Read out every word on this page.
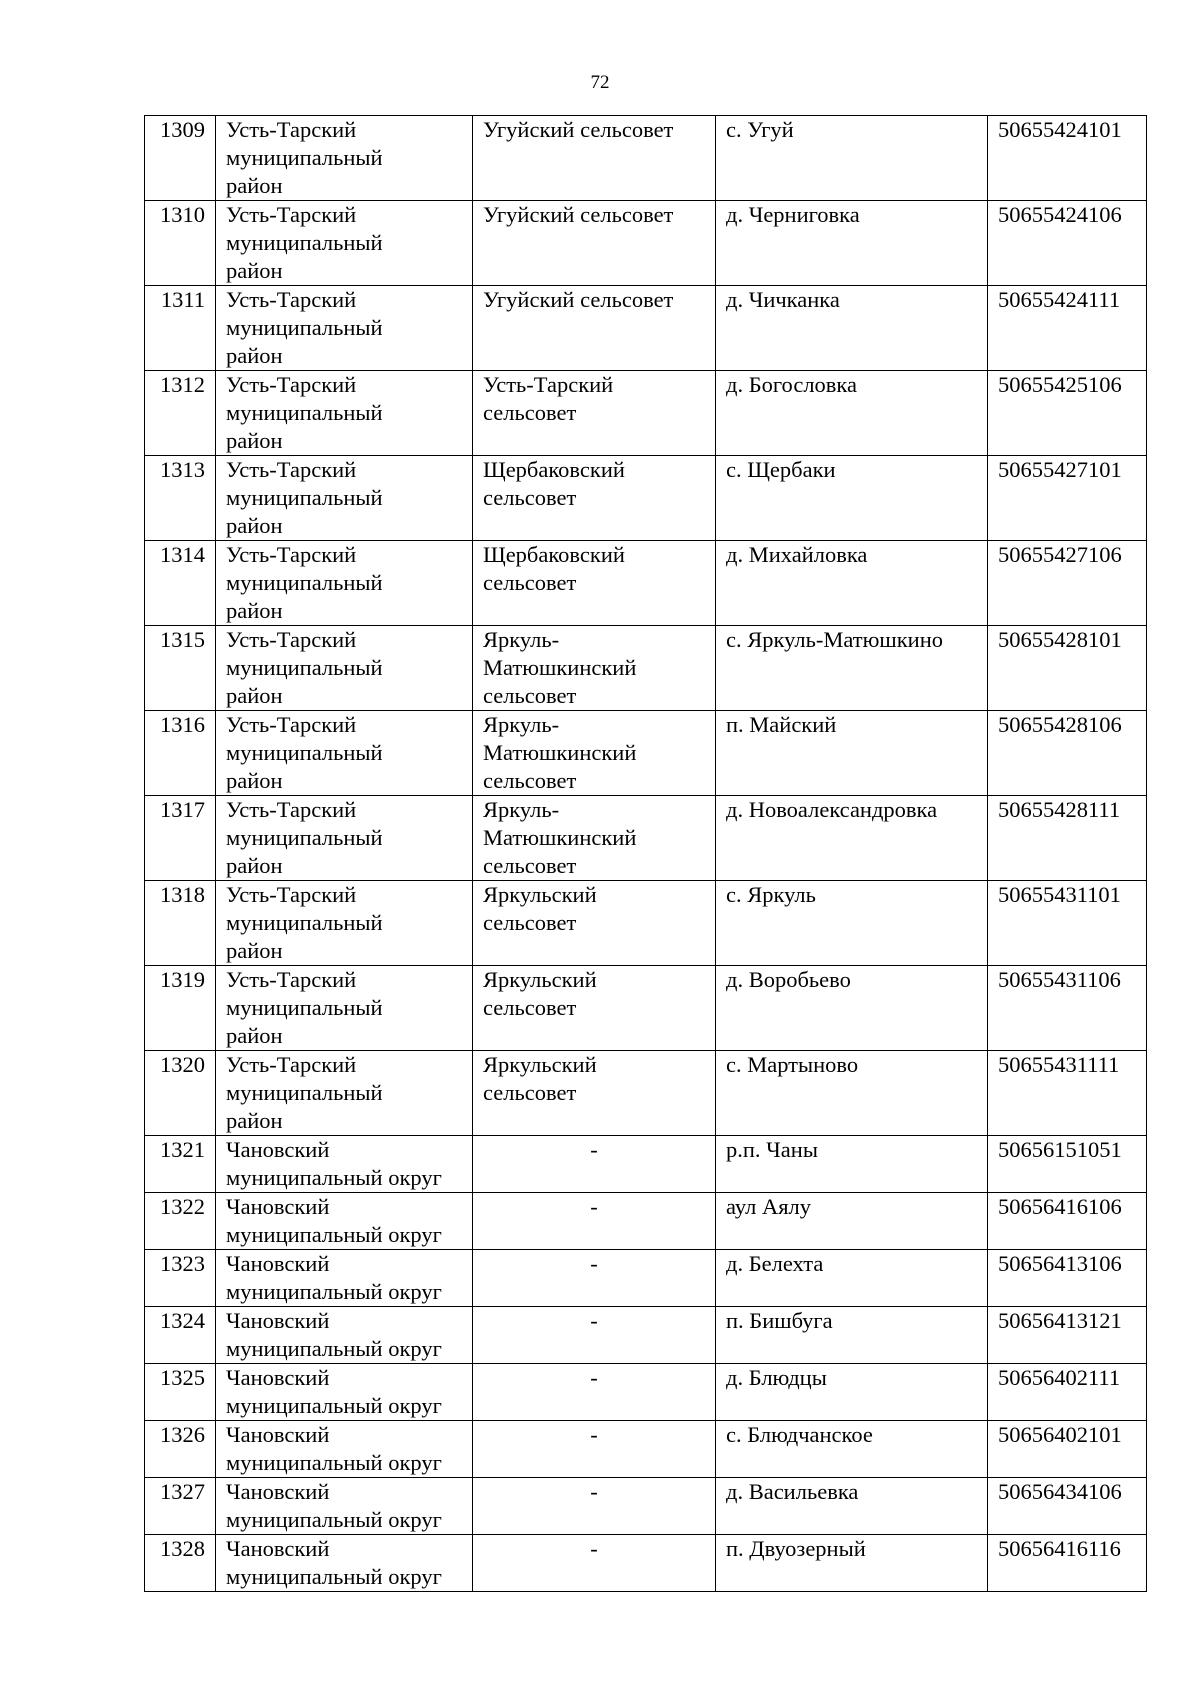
72
1309	Усть-Тарский
муниципальный
район	Угуйский сельсовет	с. Угуй	50655424101
1310	Усть-Тарский
муниципальный
район	Угуйский сельсовет	д. Черниговка	50655424106
1311	Усть-Тарский
муниципальный
район	Угуйский сельсовет	д. Чичканка	50655424111
1312	Усть-Тарский
муниципальный
район	Усть-Тарский
сельсовет	д. Богословка	50655425106
1313	Усть-Тарский
муниципальный
район	Щербаковский
сельсовет	с. Щербаки	50655427101
1314	Усть-Тарский
муниципальный
район	Щербаковский
сельсовет	д. Михайловка	50655427106
1315	Усть-Тарский
муниципальный
район	Яркуль-
Матюшкинский
сельсовет	с. Яркуль-Матюшкино	50655428101
1316	Усть-Тарский
муниципальный
район	Яркуль-
Матюшкинский
сельсовет	п. Майский	50655428106
1317	Усть-Тарский
муниципальный
район	Яркуль-
Матюшкинский
сельсовет	д. Новоалександровка	50655428111
1318	Усть-Тарский
муниципальный
район	Яркульский
сельсовет	с. Яркуль	50655431101
1319	Усть-Тарский
муниципальный
район	Яркульский
сельсовет	д. Воробьево	50655431106
1320	Усть-Тарский
муниципальный
район	Яркульский
сельсовет	с. Мартыново	50655431111
1321	Чановский
муниципальный округ	-	р.п. Чаны	50656151051
1322	Чановский
муниципальный округ	-	аул Аялу	50656416106
1323	Чановский
муниципальный округ	-	д. Белехта	50656413106
1324	Чановский
муниципальный округ	-	п. Бишбуга	50656413121
1325	Чановский
муниципальный округ	-	д. Блюдцы	50656402111
1326	Чановский
муниципальный округ	-	с. Блюдчанское	50656402101
1327	Чановский
муниципальный округ	-	д. Васильевка	50656434106
1328	Чановский
муниципальный округ	-	п. Двуозерный	50656416116
